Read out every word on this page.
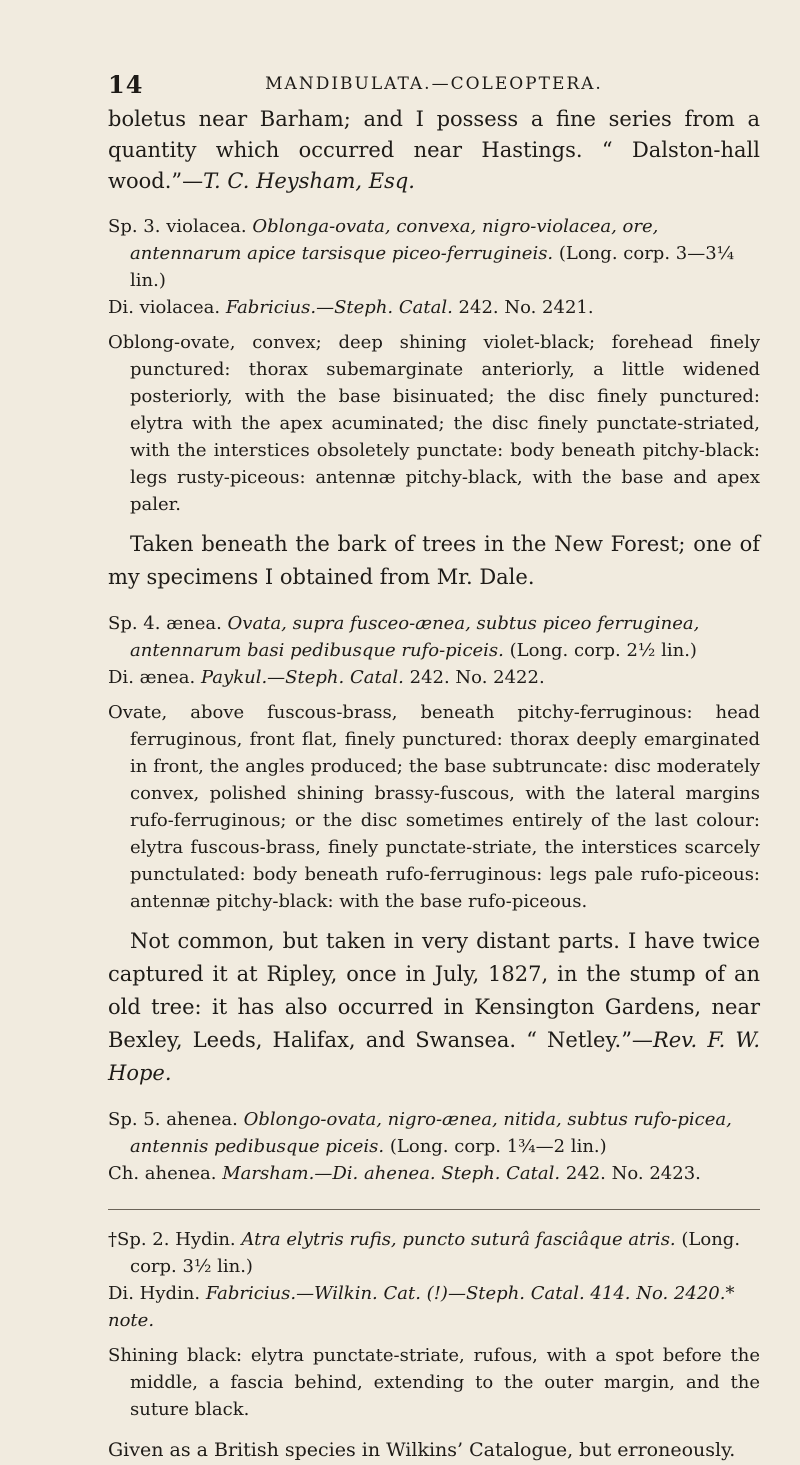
14	MANDIBULATA.—COLEOPTERA.

boletus near Barham; and I possess a fine series from a quantity which occurred near Hastings. “ Dalston-hall wood.”—T. C. Heysham, Esq.

Sp. 3. violacea. Oblonga-ovata, convexa, nigro-violacea, ore, antennarum apice tarsisque piceo-ferrugineis. (Long. corp. 3—3¼ lin.)

Di. violacea. Fabricius.—Steph. Catal. 242. No. 2421.

Oblong-ovate, convex; deep shining violet-black; forehead finely punctured: thorax subemarginate anteriorly, a little widened posteriorly, with the base bisinuated; the disc finely punctured: elytra with the apex acuminated; the disc finely punctate-striated, with the interstices obsoletely punctate: body beneath pitchy-black: legs rusty-piceous: antennæ pitchy-black, with the base and apex paler.

Taken beneath the bark of trees in the New Forest; one of my specimens I obtained from Mr. Dale.

Sp. 4. ænea. Ovata, supra fusceo-ænea, subtus piceo ferruginea, antennarum basi pedibusque rufo-piceis. (Long. corp. 2½ lin.)

Di. ænea. Paykul.—Steph. Catal. 242. No. 2422.

Ovate, above fuscous-brass, beneath pitchy-ferruginous: head ferruginous, front flat, finely punctured: thorax deeply emarginated in front, the angles produced; the base subtruncate: disc moderately convex, polished shining brassy-fuscous, with the lateral margins rufo-ferruginous; or the disc sometimes entirely of the last colour: elytra fuscous-brass, finely punctate-striate, the interstices scarcely punctulated: body beneath rufo-ferruginous: legs pale rufo-piceous: antennæ pitchy-black: with the base rufo-piceous.

Not common, but taken in very distant parts. I have twice captured it at Ripley, once in July, 1827, in the stump of an old tree: it has also occurred in Kensington Gardens, near Bexley, Leeds, Halifax, and Swansea. “ Netley.”—Rev. F. W. Hope.

Sp. 5. ahenea. Oblongo-ovata, nigro-ænea, nitida, subtus rufo-picea, antennis pedibusque piceis. (Long. corp. 1¾—2 lin.)

Ch. ahenea. Marsham.—Di. ahenea. Steph. Catal. 242. No. 2423.

†Sp. 2. Hydin. Atra elytris rufis, puncto suturâ fasciâque atris. (Long. corp. 3½ lin.)

Di. Hydin. Fabricius.—Wilkin. Cat. (!)—Steph. Catal. 414. No. 2420.* note.

Shining black: elytra punctate-striate, rufous, with a spot before the middle, a fascia behind, extending to the outer margin, and the suture black.

Given as a British species in Wilkins’ Catalogue, but erroneously.
